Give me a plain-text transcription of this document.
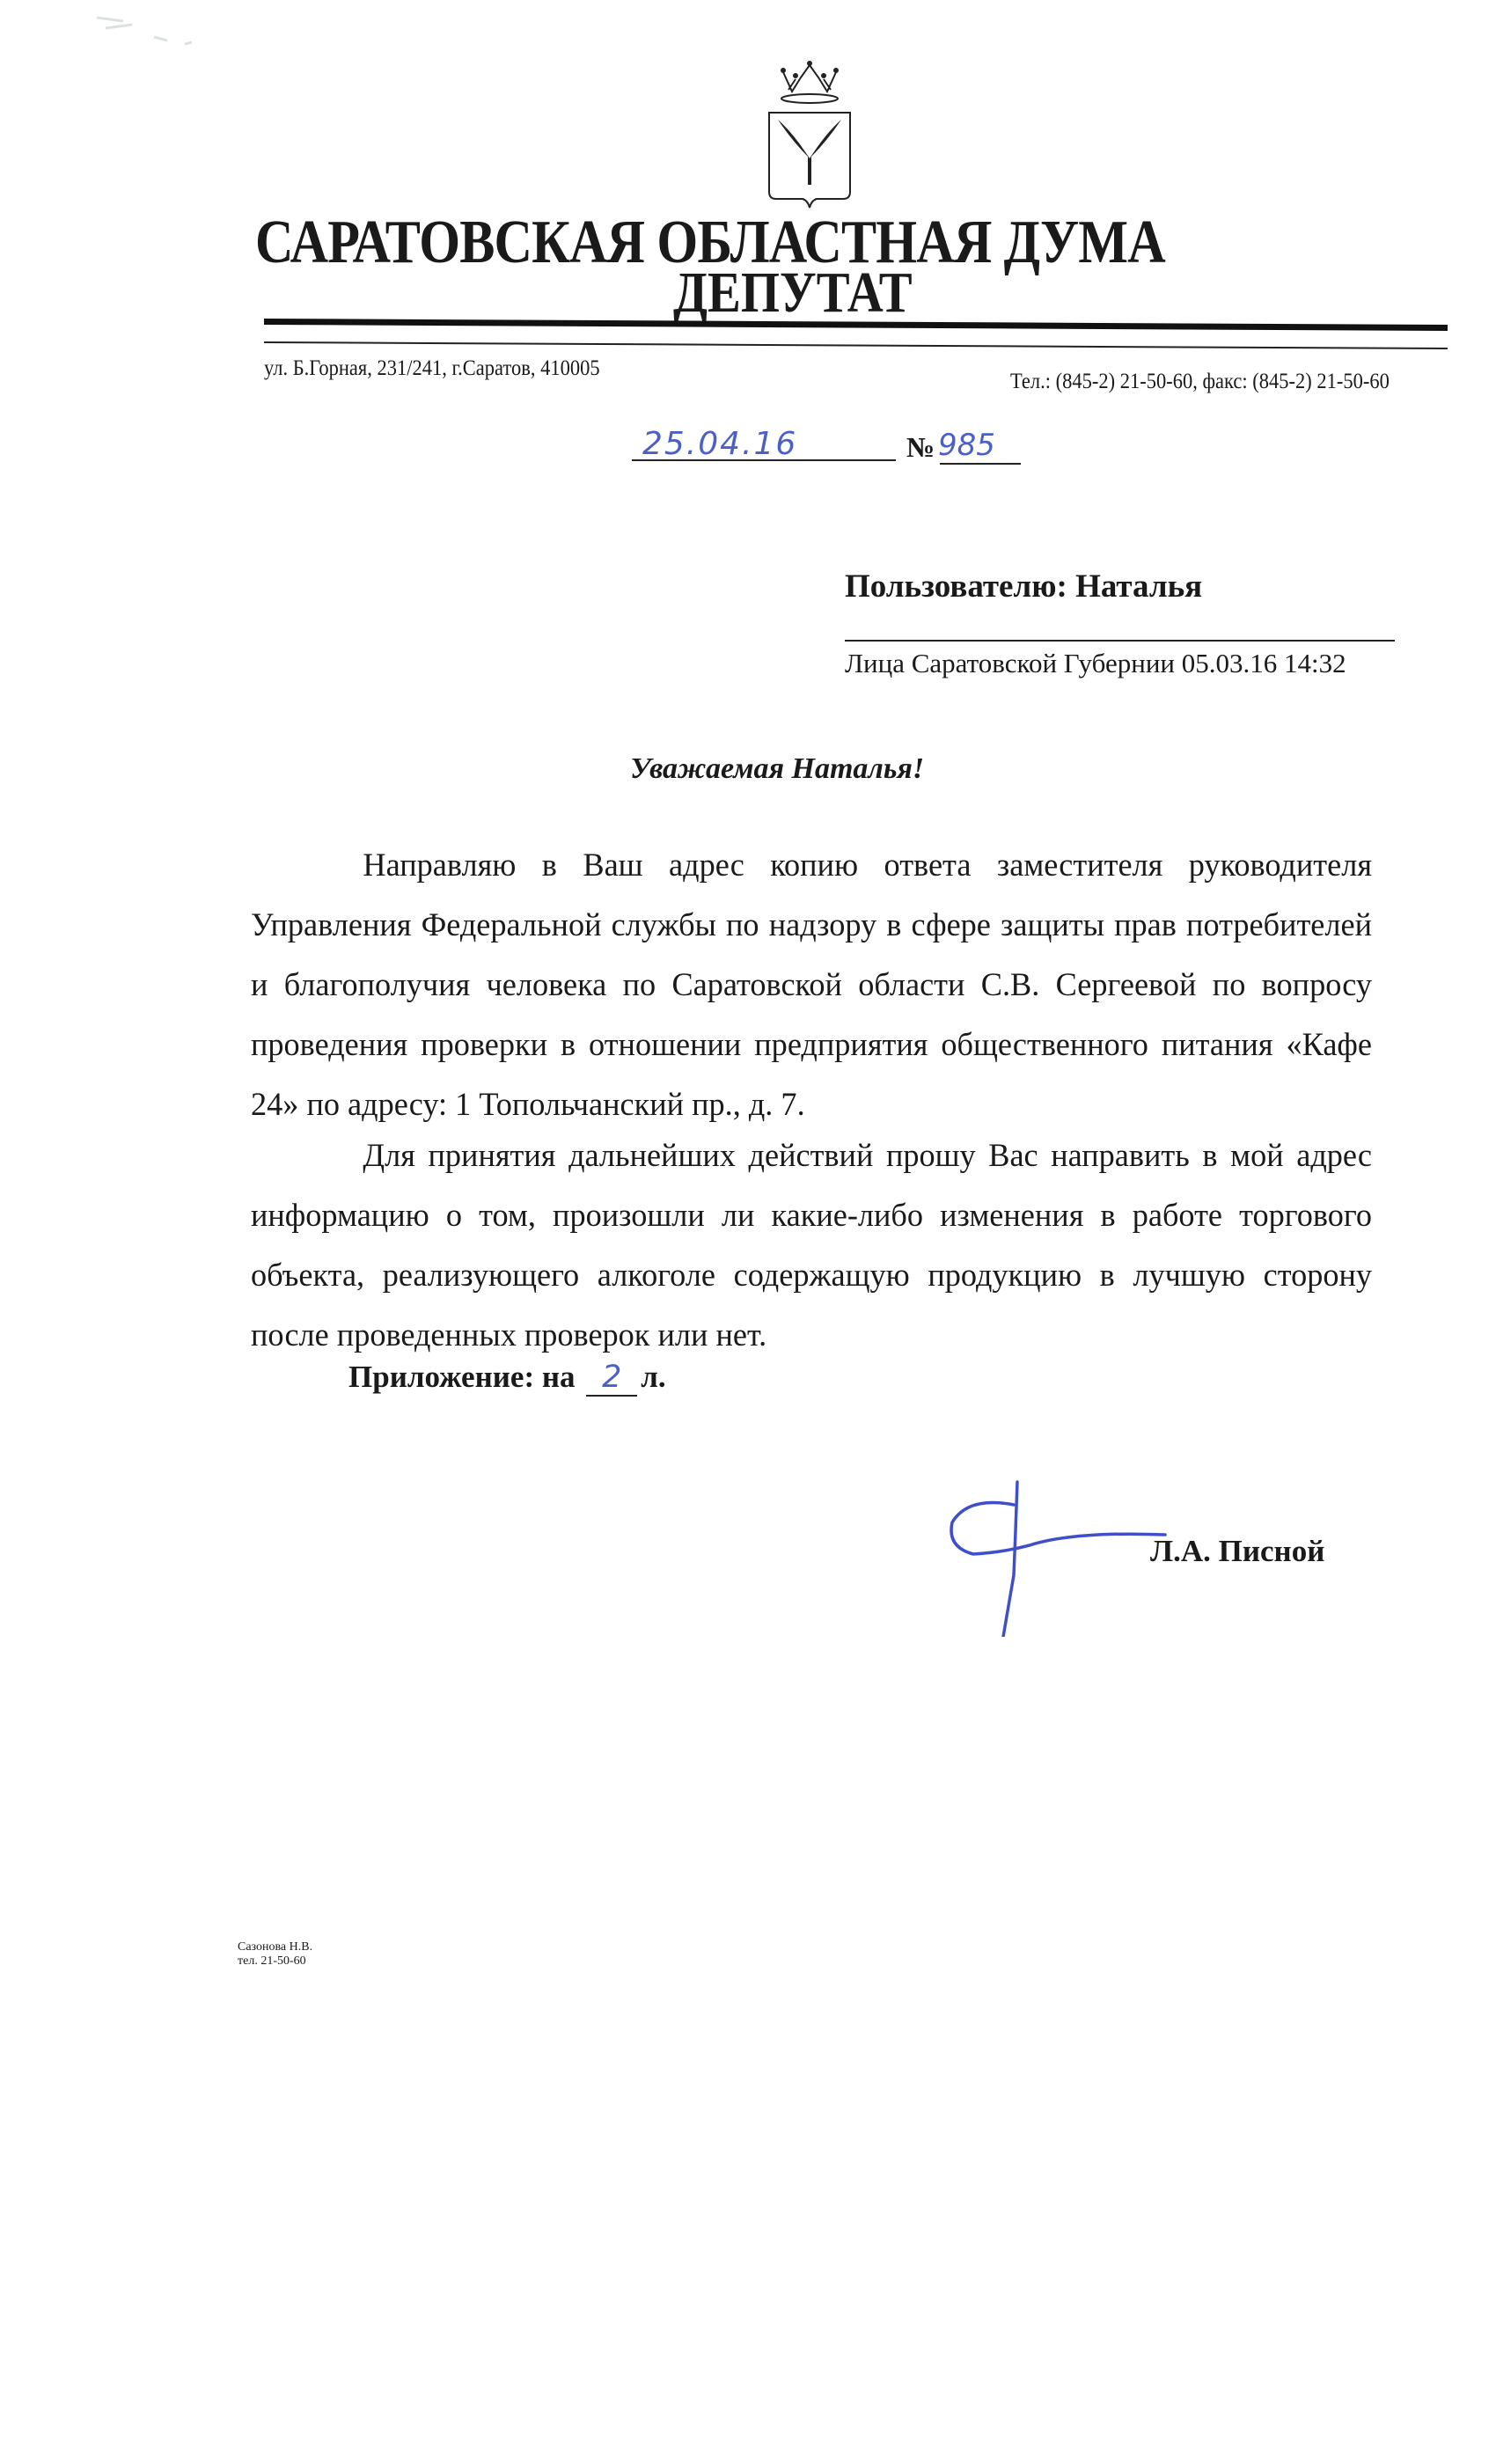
САРАТОВСКАЯ ОБЛАСТНАЯ ДУМА
ДЕПУТАТ
ул. Б.Горная, 231/241, г.Саратов, 410005
Тел.: (845-2) 21-50-60, факс: (845-2) 21-50-60
25.04.16	№ 985
Пользователю: Наталья
Лица Саратовской Губернии 05.03.16 14:32
Уважаемая Наталья!
Направляю в Ваш адрес копию ответа заместителя руководителя Управления Федеральной службы по надзору в сфере защиты прав потребителей и благополучия человека по Саратовской области С.В. Сергеевой по вопросу проведения проверки в отношении предприятия общественного питания «Кафе 24» по адресу: 1 Топольчанский пр., д. 7.
Для принятия дальнейших действий прошу Вас направить в мой адрес информацию о том, произошли ли какие-либо изменения в работе торгового объекта, реализующего алкоголе содержащую продукцию в лучшую сторону после проведенных проверок или нет.
Приложение: на 2 л.
Л.А. Писной
Сазонова Н.В.
тел. 21-50-60
